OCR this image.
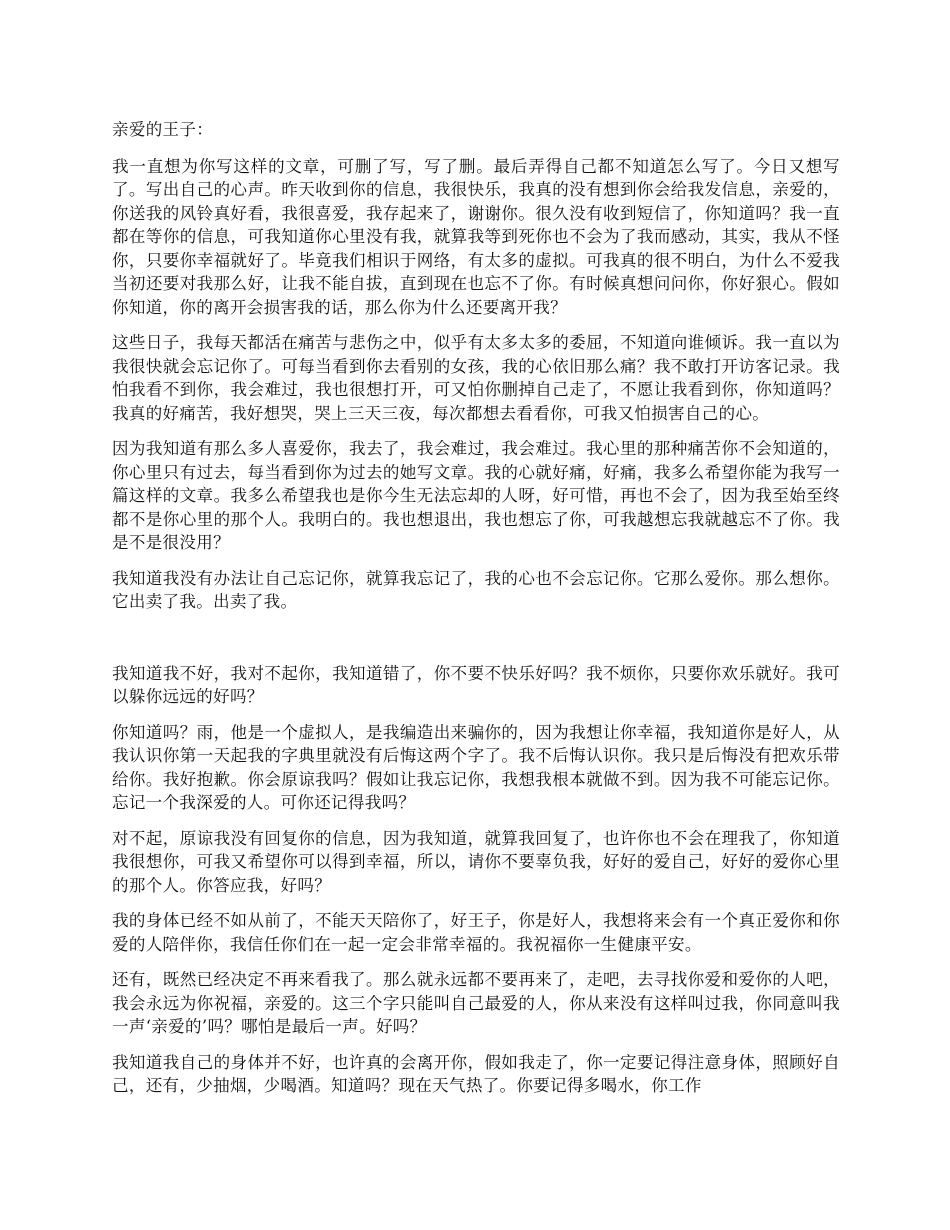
亲爱的王子：

我一直想为你写这样的文章，可删了写，写了删。最后弄得自己都不知道怎么写了。今日又想写了。写出自己的心声。昨天收到你的信息，我很快乐，我真的没有想到你会给我发信息，亲爱的，你送我的风铃真好看，我很喜爱，我存起来了，谢谢你。很久没有收到短信了，你知道吗？我一直都在等你的信息，可我知道你心里没有我，就算我等到死你也不会为了我而感动，其实，我从不怪你，只要你幸福就好了。毕竟我们相识于网络，有太多的虚拟。可我真的很不明白，为什么不爱我当初还要对我那么好，让我不能自拔，直到现在也忘不了你。有时候真想问问你，你好狠心。假如你知道，你的离开会损害我的话，那么你为什么还要离开我？

这些日子，我每天都活在痛苦与悲伤之中，似乎有太多太多的委屈，不知道向谁倾诉。我一直以为我很快就会忘记你了。可每当看到你去看别的女孩，我的心依旧那么痛？我不敢打开访客记录。我怕我看不到你，我会难过，我也很想打开，可又怕你删掉自己走了，不愿让我看到你，你知道吗？我真的好痛苦，我好想哭，哭上三天三夜，每次都想去看看你，可我又怕损害自己的心。

因为我知道有那么多人喜爱你，我去了，我会难过，我会难过。我心里的那种痛苦你不会知道的，你心里只有过去，每当看到你为过去的她写文章。我的心就好痛，好痛，我多么希望你能为我写一篇这样的文章。我多么希望我也是你今生无法忘却的人呀，好可惜，再也不会了，因为我至始至终都不是你心里的那个人。我明白的。我也想退出，我也想忘了你，可我越想忘我就越忘不了你。我是不是很没用？

我知道我没有办法让自己忘记你，就算我忘记了，我的心也不会忘记你。它那么爱你。那么想你。它出卖了我。出卖了我。

我知道我不好，我对不起你，我知道错了，你不要不快乐好吗？我不烦你，只要你欢乐就好。我可以躲你远远的好吗？

你知道吗？雨，他是一个虚拟人，是我编造出来骗你的，因为我想让你幸福，我知道你是好人，从我认识你第一天起我的字典里就没有后悔这两个字了。我不后悔认识你。我只是后悔没有把欢乐带给你。我好抱歉。你会原谅我吗？假如让我忘记你，我想我根本就做不到。因为我不可能忘记你。忘记一个我深爱的人。可你还记得我吗？

对不起，原谅我没有回复你的信息，因为我知道，就算我回复了，也许你也不会在理我了，你知道我很想你，可我又希望你可以得到幸福，所以，请你不要辜负我，好好的爱自己，好好的爱你心里的那个人。你答应我，好吗？

我的身体已经不如从前了，不能天天陪你了，好王子，你是好人，我想将来会有一个真正爱你和你爱的人陪伴你，我信任你们在一起一定会非常幸福的。我祝福你一生健康平安。

还有，既然已经决定不再来看我了。那么就永远都不要再来了，走吧，去寻找你爱和爱你的人吧，我会永远为你祝福，亲爱的。这三个字只能叫自己最爱的人，你从来没有这样叫过我，你同意叫我一声‘亲爱的’吗？哪怕是最后一声。好吗？

我知道我自己的身体并不好，也许真的会离开你，假如我走了，你一定要记得注意身体，照顾好自己，还有，少抽烟，少喝酒。知道吗？现在天气热了。你要记得多喝水，你工作
